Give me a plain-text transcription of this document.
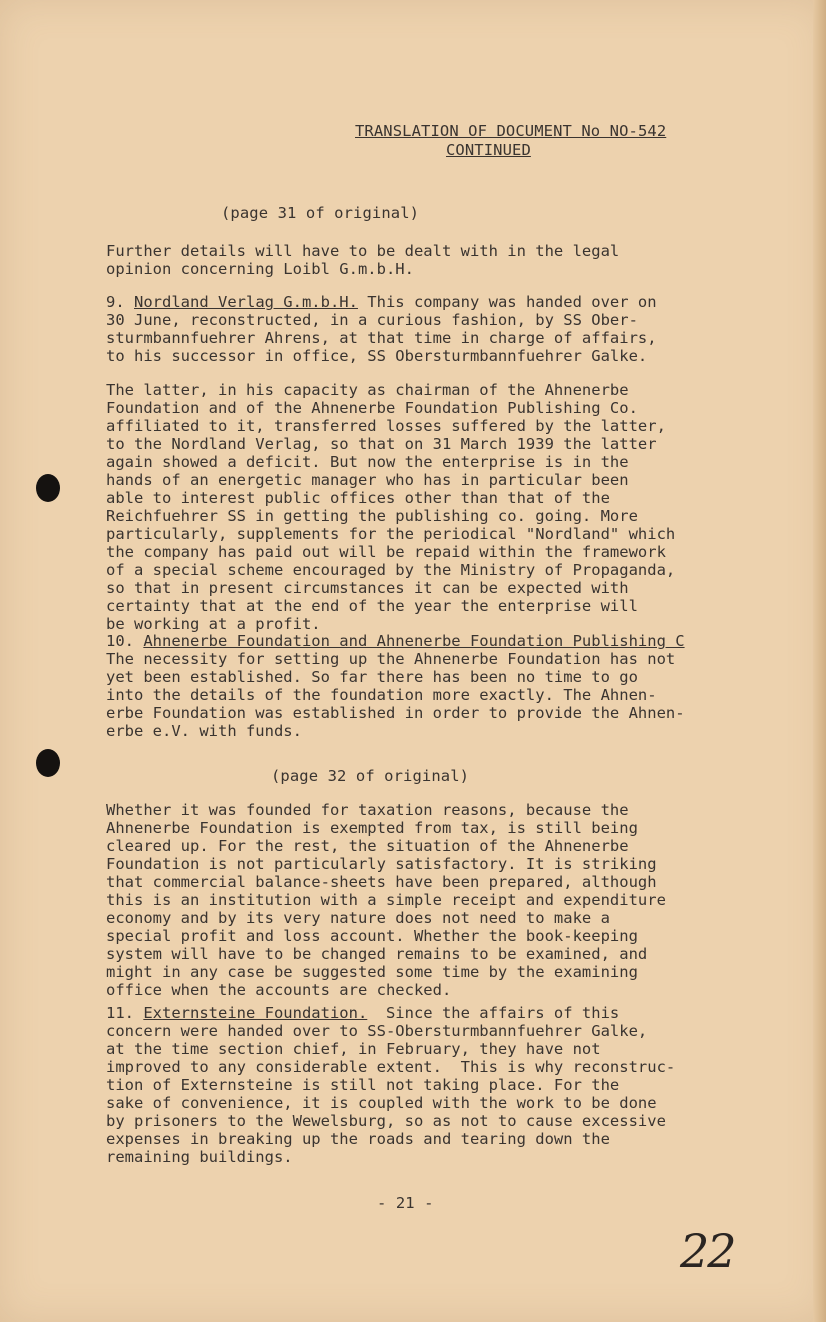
TRANSLATION OF DOCUMENT No NO-542
CONTINUED
(page 31 of original)
Further details will have to be dealt with in the legal
opinion concerning Loibl G.m.b.H.
9. Nordland Verlag G.m.b.H. This company was handed over on
30 June, reconstructed, in a curious fashion, by SS Ober-
sturmbannfuehrer Ahrens, at that time in charge of affairs,
to his successor in office, SS Obersturmbannfuehrer Galke.
The latter, in his capacity as chairman of the Ahnenerbe
Foundation and of the Ahnenerbe Foundation Publishing Co.
affiliated to it, transferred losses suffered by the latter,
to the Nordland Verlag, so that on 31 March 1939 the latter
again showed a deficit. But now the enterprise is in the
hands of an energetic manager who has in particular been
able to interest public offices other than that of the
Reichfuehrer SS in getting the publishing co. going. More
particularly, supplements for the periodical "Nordland" which
the company has paid out will be repaid within the framework
of a special scheme encouraged by the Ministry of Propaganda,
so that in present circumstances it can be expected with
certainty that at the end of the year the enterprise will
be working at a profit.
10. Ahnenerbe Foundation and Ahnenerbe Foundation Publishing C
The necessity for setting up the Ahnenerbe Foundation has not
yet been established. So far there has been no time to go
into the details of the foundation more exactly. The Ahnen-
erbe Foundation was established in order to provide the Ahnen-
erbe e.V. with funds.
(page 32 of original)
Whether it was founded for taxation reasons, because the
Ahnenerbe Foundation is exempted from tax, is still being
cleared up. For the rest, the situation of the Ahnenerbe
Foundation is not particularly satisfactory. It is striking
that commercial balance-sheets have been prepared, although
this is an institution with a simple receipt and expenditure
economy and by its very nature does not need to make a
special profit and loss account. Whether the book-keeping
system will have to be changed remains to be examined, and
might in any case be suggested some time by the examining
office when the accounts are checked.
11. Externsteine Foundation.  Since the affairs of this
concern were handed over to SS-Obersturmbannfuehrer Galke,
at the time section chief, in February, they have not
improved to any considerable extent.  This is why reconstruc-
tion of Externsteine is still not taking place. For the
sake of convenience, it is coupled with the work to be done
by prisoners to the Wewelsburg, so as not to cause excessive
expenses in breaking up the roads and tearing down the
remaining buildings.
- 21 -
22
